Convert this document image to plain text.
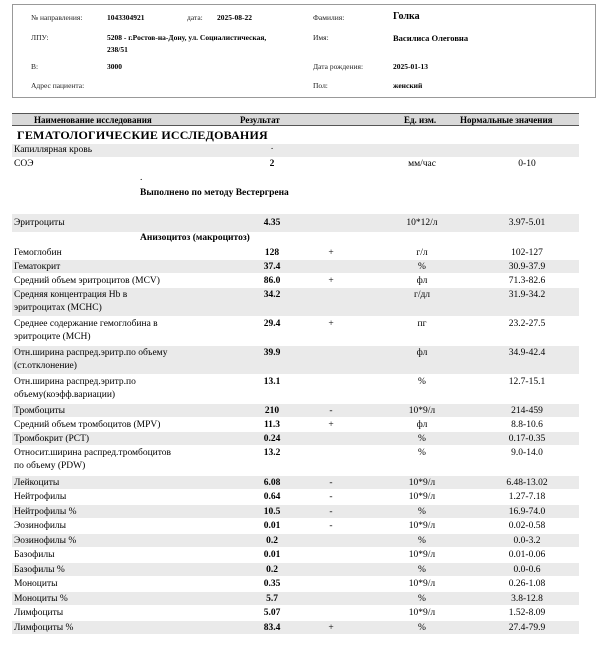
№ направления:	1043304921	дата: 2025-08-22
ЛПУ:	5208 - г.Ростов-на-Дону, ул. Социалистическая,
238/51
В:	3000
Адрес пациента:
Фамилия:	Голка
Имя:	Василиса Олеговна
Дата рождения:	2025-01-13
Пол:	женский
Наименование исследования	Результат	Ед. изм.	Нормальные значения
ГЕМАТОЛОГИЧЕСКИЕ ИССЛЕДОВАНИЯ
Капиллярная кровь	.
СОЭ	2	мм/час	0-10
Эритроциты	4.35	10*12/л	3.97-5.01
Гемоглобин	128	+	г/л	102-127
Гематокрит	37.4	%	30.9-37.9
Средний объем эритроцитов (MCV)	86.0	+	фл	71.3-82.6
Средняя концентрация Hb в
эритроцитах (MCHC)
34.2	г/дл	31.9-34.2
Среднее содержание гемоглобина в
эритроците (MCH)
29.4	+	пг	23.2-27.5
Отн.ширина распред.эритр.по объему
(ст.отклонение)
39.9	фл	34.9-42.4
Отн.ширина распред.эритр.по
объему(коэфф.вариации)
13.1	%	12.7-15.1
Тромбоциты	210	-	10*9/л	214-459
Средний объем тромбоцитов (MPV)	11.3	+	фл	8.8-10.6
Тромбокрит (PCT)	0.24	%	0.17-0.35
Относит.ширина распред.тромбоцитов
по объему (PDW)
13.2	%	9.0-14.0
Лейкоциты	6.08	-	10*9/л	6.48-13.02
Нейтрофилы	0.64	-	10*9/л	1.27-7.18
Нейтрофилы %	10.5	-	%	16.9-74.0
Эозинофилы	0.01	-	10*9/л	0.02-0.58
Эозинофилы %	0.2	%	0.0-3.2
Базофилы	0.01	10*9/л	0.01-0.06
Базофилы %	0.2	%	0.0-0.6
Моноциты	0.35	10*9/л	0.26-1.08
Моноциты %	5.7	%	3.8-12.8
Лимфоциты	5.07	10*9/л	1.52-8.09
Лимфоциты %	83.4	+	%	27.4-79.9
.
Выполнено по методу Вестергрена
Анизоцитоз (макроцитоз)
